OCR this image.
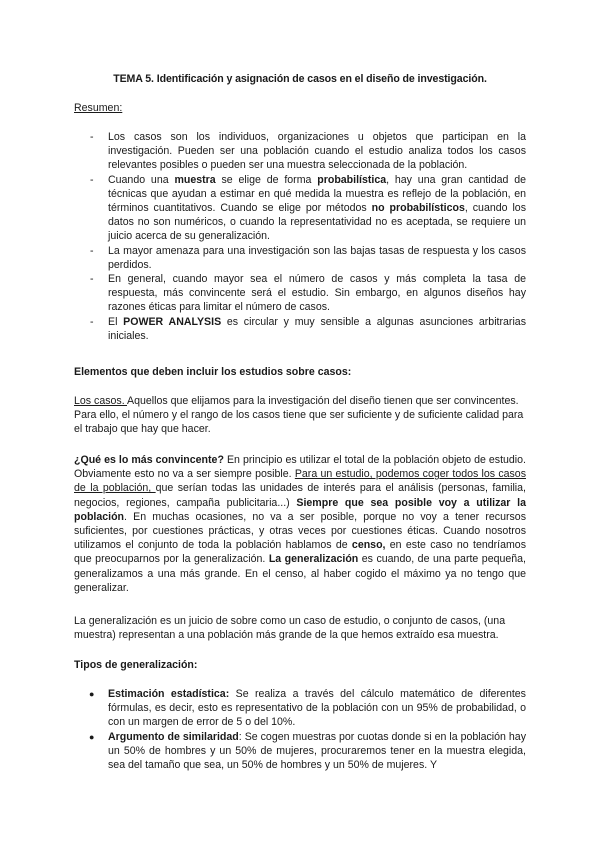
TEMA 5. Identificación y asignación de casos en el diseño de investigación.
Resumen:
- Los casos son los individuos, organizaciones u objetos que participan en la investigación. Pueden ser una población cuando el estudio analiza todos los casos relevantes posibles o pueden ser una muestra seleccionada de la población.
- Cuando una muestra se elige de forma probabilística, hay una gran cantidad de técnicas que ayudan a estimar en qué medida la muestra es reflejo de la población, en términos cuantitativos. Cuando se elige por métodos no probabilísticos, cuando los datos no son numéricos, o cuando la representatividad no es aceptada, se requiere un juicio acerca de su generalización.
- La mayor amenaza para una investigación son las bajas tasas de respuesta y los casos perdidos.
- En general, cuando mayor sea el número de casos y más completa la tasa de respuesta, más convincente será el estudio. Sin embargo, en algunos diseños hay razones éticas para limitar el número de casos.
- El POWER ANALYSIS es circular y muy sensible a algunas asunciones arbitrarias iniciales.
Elementos que deben incluir los estudios sobre casos:
Los casos. Aquellos que elijamos para la investigación del diseño tienen que ser convincentes. Para ello, el número y el rango de los casos tiene que ser suficiente y de suficiente calidad para el trabajo que hay que hacer.
¿Qué es lo más convincente? En principio es utilizar el total de la población objeto de estudio. Obviamente esto no va a ser siempre posible. Para un estudio, podemos coger todos los casos de la población, que serían todas las unidades de interés para el análisis (personas, familia, negocios, regiones, campaña publicitaria...) Siempre que sea posible voy a utilizar la población. En muchas ocasiones, no va a ser posible, porque no voy a tener recursos suficientes, por cuestiones prácticas, y otras veces por cuestiones éticas. Cuando nosotros utilizamos el conjunto de toda la población hablamos de censo, en este caso no tendríamos que preocuparnos por la generalización. La generalización es cuando, de una parte pequeña, generalizamos a una más grande. En el censo, al haber cogido el máximo ya no tengo que generalizar.
La generalización es un juicio de sobre como un caso de estudio, o conjunto de casos, (una muestra) representan a una población más grande de la que hemos extraído esa muestra.
Tipos de generalización:
● Estimación estadística: Se realiza a través del cálculo matemático de diferentes fórmulas, es decir, esto es representativo de la población con un 95% de probabilidad, o con un margen de error de 5 o del 10%.
● Argumento de similaridad: Se cogen muestras por cuotas donde si en la población hay un 50% de hombres y un 50% de mujeres, procuraremos tener en la muestra elegida, sea del tamaño que sea, un 50% de hombres y un 50% de mujeres. Y
